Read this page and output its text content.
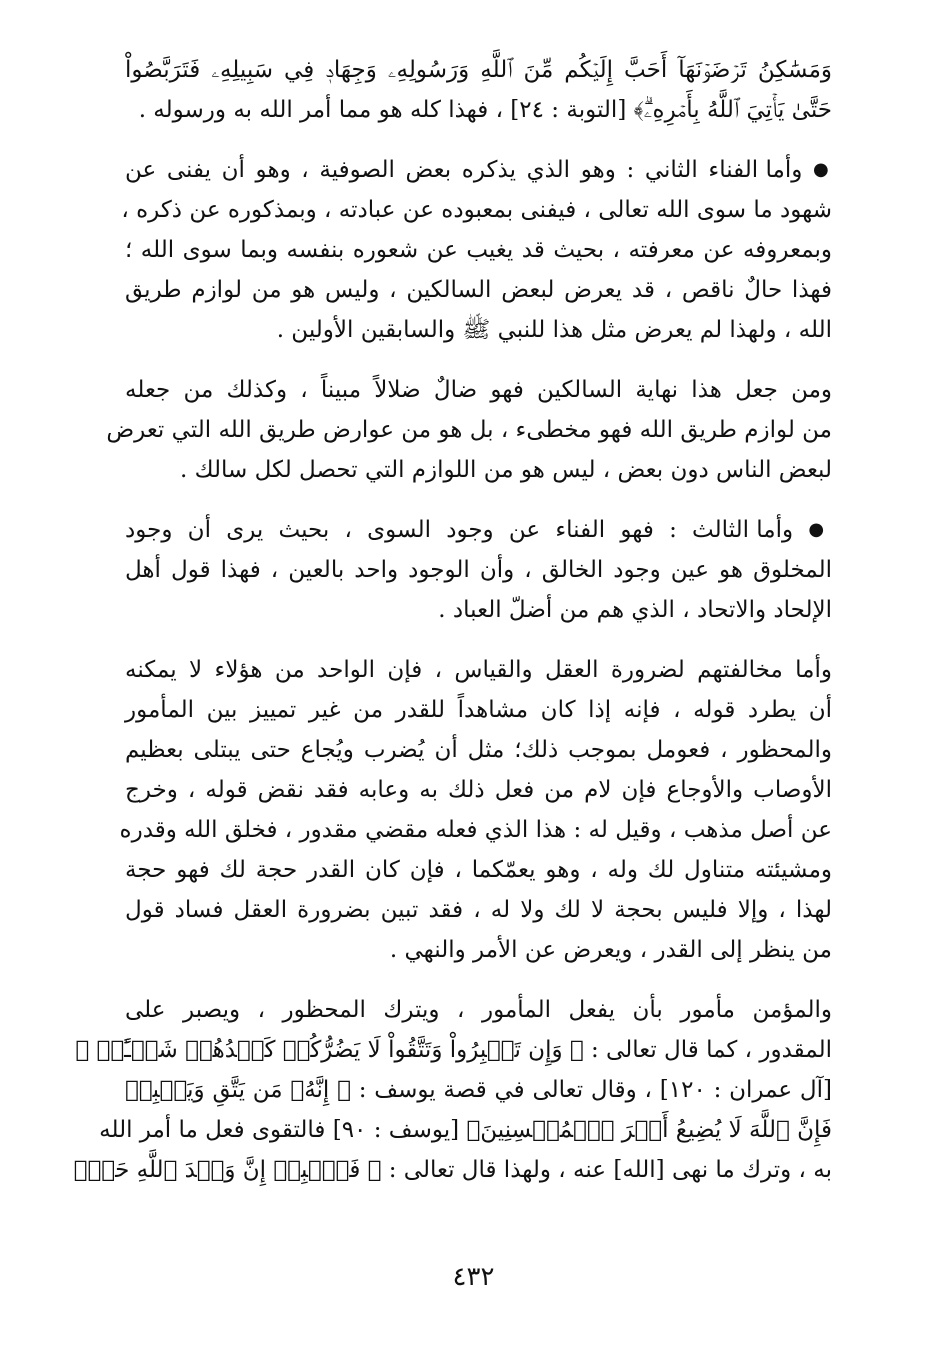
وَمَسَٰكِنُ تَرۡضَوۡنَهَآ أَحَبَّ إِلَيۡكُم مِّنَ ٱللَّهِ وَرَسُولِهِۦ وَجِهَادٖ فِي سَبِيلِهِۦ فَتَرَبَّصُواْ
حَتَّىٰ يَأۡتِيَ ٱللَّهُ بِأَمۡرِهِۦۗ﴾ [التوبة : ٢٤] ، فهذا كله هو مما أمر الله به ورسوله .
● وأما الفناء الثاني : وهو الذي يذكره بعض الصوفية ، وهو أن يفنى عن
شهود ما سوى الله تعالى ، فيفنى بمعبوده عن عبادته ، وبمذكوره عن ذكره ،
وبمعروفه عن معرفته ، بحيث قد يغيب عن شعوره بنفسه وبما سوى الله ؛
فهذا حالٌ ناقص ، قد يعرض لبعض السالكين ، وليس هو من لوازم طريق
الله ، ولهذا لم يعرض مثل هذا للنبي ﷺ والسابقين الأولين .
ومن جعل هذا نهاية السالكين فهو ضالٌ ضلالاً مبيناً ، وكذلك من جعله
من لوازم طريق الله فهو مخطىء ، بل هو من عوارض طريق الله التي تعرض
لبعض الناس دون بعض ، ليس هو من اللوازم التي تحصل لكل سالك .
● وأما الثالث : فهو الفناء عن وجود السوى ، بحيث يرى أن وجود
المخلوق هو عين وجود الخالق ، وأن الوجود واحد بالعين ، فهذا قول أهل
الإلحاد والاتحاد ، الذي هم من أضلّ العباد .
وأما مخالفتهم لضرورة العقل والقياس ، فإن الواحد من هؤلاء لا يمكنه
أن يطرد قوله ، فإنه إذا كان مشاهداً للقدر من غير تمييز بين المأمور
والمحظور ، فعومل بموجب ذلك؛ مثل أن يُضرب ويُجاع حتى يبتلى بعظيم
الأوصاب والأوجاع فإن لام من فعل ذلك به وعابه فقد نقض قوله ، وخرج
عن أصل مذهب ، وقيل له : هذا الذي فعله مقضي مقدور ، فخلق الله وقدره
ومشيئته متناول لك وله ، وهو يعمّكما ، فإن كان القدر حجة لك فهو حجة
لهذا ، وإلا فليس بحجة لا لك ولا له ، فقد تبين بضرورة العقل فساد قول
من ينظر إلى القدر ، ويعرض عن الأمر والنهي .
والمؤمن مأمور بأن يفعل المأمور ، ويترك المحظور ، ويصبر على
المقدور ، كما قال تعالى : ﴿ وَإِن تَصۡبِرُواْ وَتَتَّقُواْ لَا يَضُرُّكُمۡ كَيۡدُهُمۡ شَيۡـًٔاۗ ﴾
[آل عمران : ١٢٠] ، وقال تعالى في قصة يوسف : ﴿ إِنَّهُۥ مَن يَتَّقِ وَيَصۡبِرۡ
فَإِنَّ ٱللَّهَ لَا يُضِيعُ أَجۡرَ ٱلۡمُحۡسِنِينَ﴾ [يوسف : ٩٠] فالتقوى فعل ما أمر الله
به ، وترك ما نهى [الله] عنه ، ولهذا قال تعالى : ﴿ فَٱصۡبِرۡ إِنَّ وَعۡدَ ٱللَّهِ حَقّٞ
٤٣٢
